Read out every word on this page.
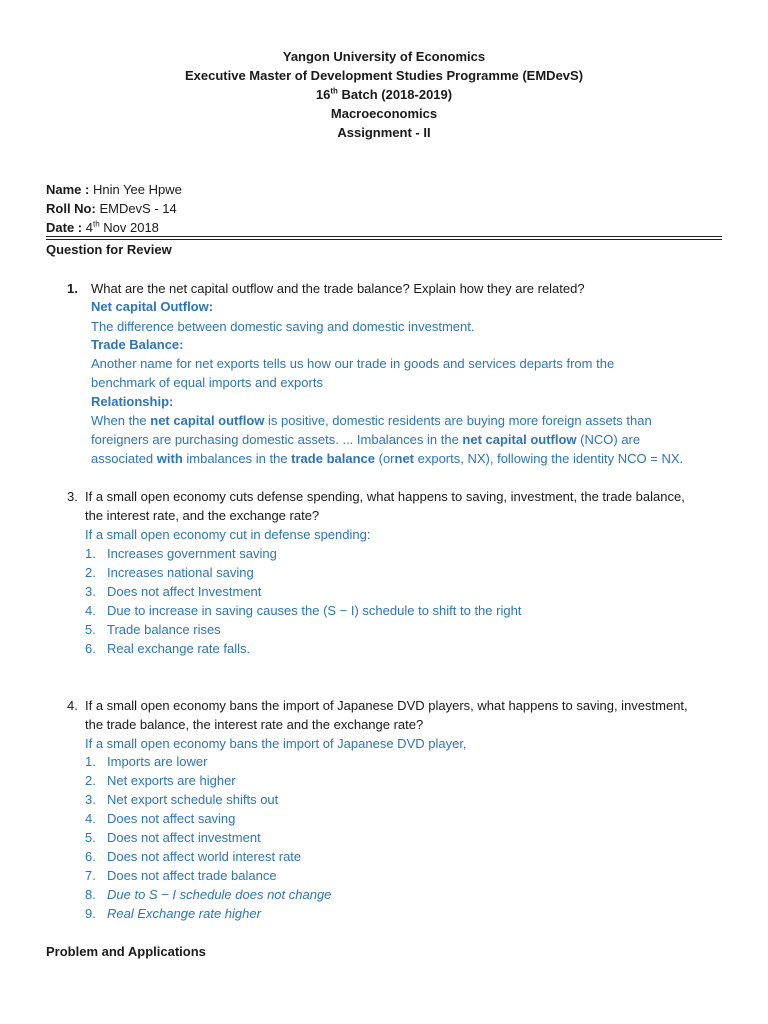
Yangon University of Economics
Executive Master of Development Studies Programme (EMDevS)
16th Batch (2018-2019)
Macroeconomics
Assignment - II
Name : Hnin Yee Hpwe
Roll No: EMDevS - 14
Date : 4th Nov 2018
Question for Review
1. What are the net capital outflow and the trade balance? Explain how they are related?
Net capital Outflow:
The difference between domestic saving and domestic investment.
Trade Balance:
Another name for net exports tells us how our trade in goods and services departs from the
benchmark of equal imports and exports
Relationship:
When the net capital outflow is positive, domestic residents are buying more foreign assets than
foreigners are purchasing domestic assets. ... Imbalances in the net capital outflow (NCO) are
associated with imbalances in the trade balance (ornet exports, NX), following the identity NCO = NX.
3. If a small open economy cuts defense spending, what happens to saving, investment, the trade balance,
the interest rate, and the exchange rate?
If a small open economy cut in defense spending:
1. Increases government saving
2. Increases national saving
3. Does not affect Investment
4. Due to increase in saving causes the (S − I) schedule to shift to the right
5. Trade balance rises
6. Real exchange rate falls.
4. If a small open economy bans the import of Japanese DVD players, what happens to saving, investment,
the trade balance, the interest rate and the exchange rate?
If a small open economy bans the import of Japanese DVD player,
1. Imports are lower
2. Net exports are higher
3. Net export schedule shifts out
4. Does not affect saving
5. Does not affect investment
6. Does not affect world interest rate
7. Does not affect trade balance
8. Due to S − I schedule does not change
9. Real Exchange rate higher
Problem and Applications
